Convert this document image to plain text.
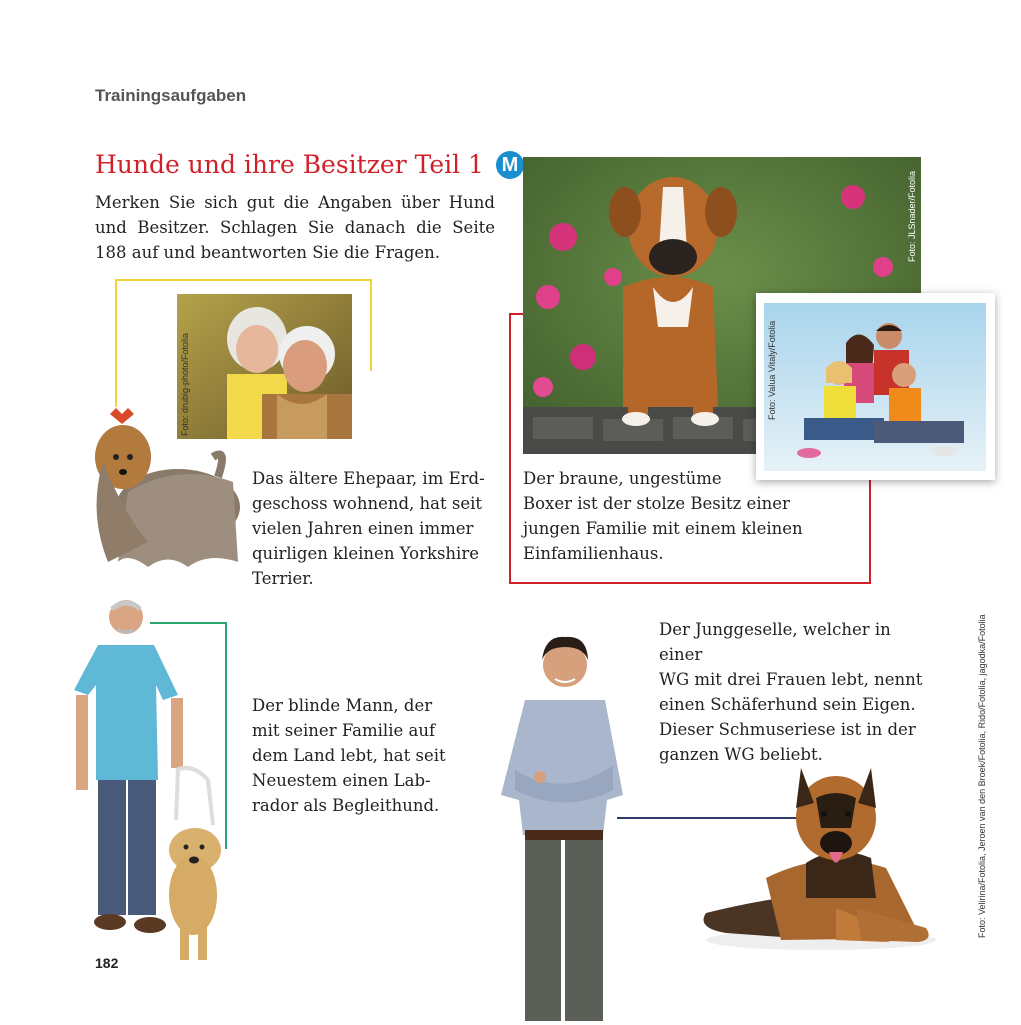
Trainingsaufgaben
Hunde und ihre Besitzer Teil 1 M
Merken Sie sich gut die Angaben über Hund und Besitzer. Schlagen Sie danach die Seite 188 auf und beantworten Sie die Fragen.
Foto: drubig-photo/Fotolia
Das ältere Ehepaar, im Erd-
geschoss wohnend, hat seit
vielen Jahren einen immer
quirligen kleinen Yorkshire
Terrier.
Foto: JLSnader/Fotolia
Foto: Valua Vitaly/Fotolia
Der braune, ungestüme
Boxer ist der stolze Besitz einer
jungen Familie mit einem kleinen
Einfamilienhaus.
Der blinde Mann, der
mit seiner Familie auf
dem Land lebt, hat seit
Neuestem einen Lab-
rador als Begleithund.
Der Junggeselle, welcher in einer
WG mit drei Frauen lebt, nennt
einen Schäferhund sein Eigen.
Dieser Schmuseriese ist in der
ganzen WG beliebt.	Foto: Velirina/Fotolia, Jeroen van den Broek/Fotolia, Rido/Fotolia, jagodka/Fotolia
182
